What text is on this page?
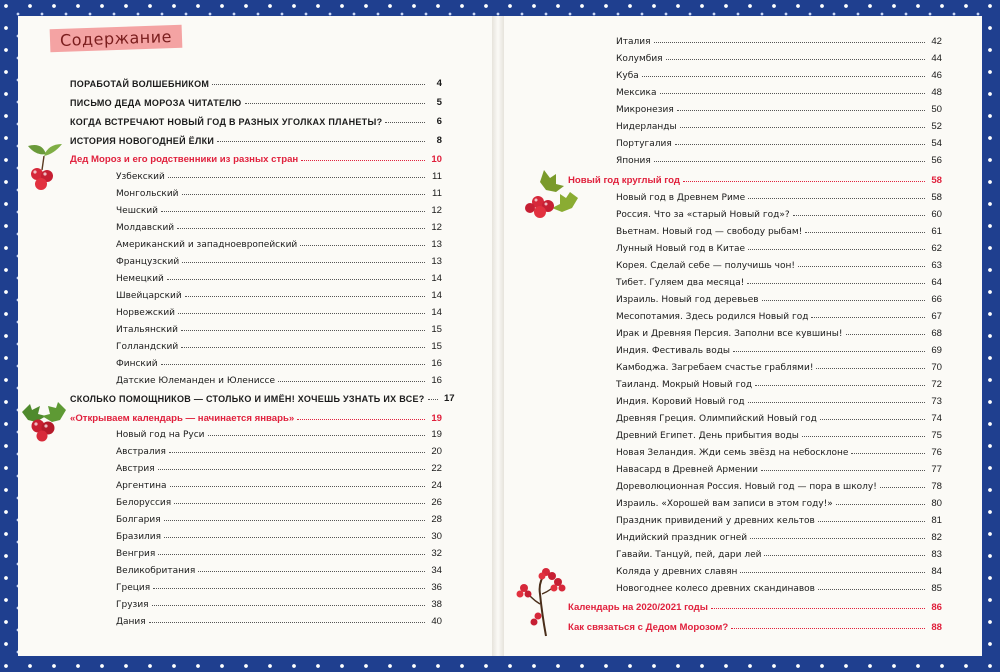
Содержание
ПОРАБОТАЙ ВОЛШЕБНИКОМ	4
ПИСЬМО ДЕДА МОРОЗА ЧИТАТЕЛЮ	5
КОГДА ВСТРЕЧАЮТ НОВЫЙ ГОД В РАЗНЫХ УГОЛКАХ ПЛАНЕТЫ?	6
ИСТОРИЯ НОВОГОДНЕЙ ЁЛКИ	8
Дед Мороз и его родственники из разных стран	10
Узбекский	11
Монгольский	11
Чешский	12
Молдавский	12
Американский и западноевропейский	13
Французский	13
Немецкий	14
Швейцарский	14
Норвежский	14
Итальянский	15
Голландский	15
Финский	16
Датские Юлеманден и Юлениссе	16
СКОЛЬКО ПОМОЩНИКОВ — СТОЛЬКО И ИМЁН! ХОЧЕШЬ УЗНАТЬ ИХ ВСЕ?	17
«Открываем календарь — начинается январь»	19
Новый год на Руси	19
Австралия	20
Австрия	22
Аргентина	24
Белоруссия	26
Болгария	28
Бразилия	30
Венгрия	32
Великобритания	34
Греция	36
Грузия	38
Дания	40
Италия	42
Колумбия	44
Куба	46
Мексика	48
Микронезия	50
Нидерланды	52
Португалия	54
Япония	56
Новый год круглый год	58
Новый год в Древнем Риме	58
Россия. Что за «старый Новый год»?	60
Вьетнам. Новый год — свободу рыбам!	61
Лунный Новый год в Китае	62
Корея. Сделай себе — получишь чон!	63
Тибет. Гуляем два месяца!	64
Израиль. Новый год деревьев	66
Месопотамия. Здесь родился Новый год	67
Ирак и Древняя Персия. Заполни все кувшины!	68
Индия. Фестиваль воды	69
Камбоджа. Загребаем счастье граблями!	70
Таиланд. Мокрый Новый год	72
Индия. Коровий Новый год	73
Древняя Греция. Олимпийский Новый год	74
Древний Египет. День прибытия воды	75
Новая Зеландия. Жди семь звёзд на небосклоне	76
Навасард в Древней Армении	77
Дореволюционная Россия. Новый год — пора в школу!	78
Израиль. «Хорошей вам записи в этом году!»	80
Праздник привидений у древних кельтов	81
Индийский праздник огней	82
Гавайи. Танцуй, пей, дари лей	83
Коляда у древних славян	84
Новогоднее колесо древних скандинавов	85
Календарь на 2020/2021 годы	86
Как связаться с Дедом Морозом?	88
